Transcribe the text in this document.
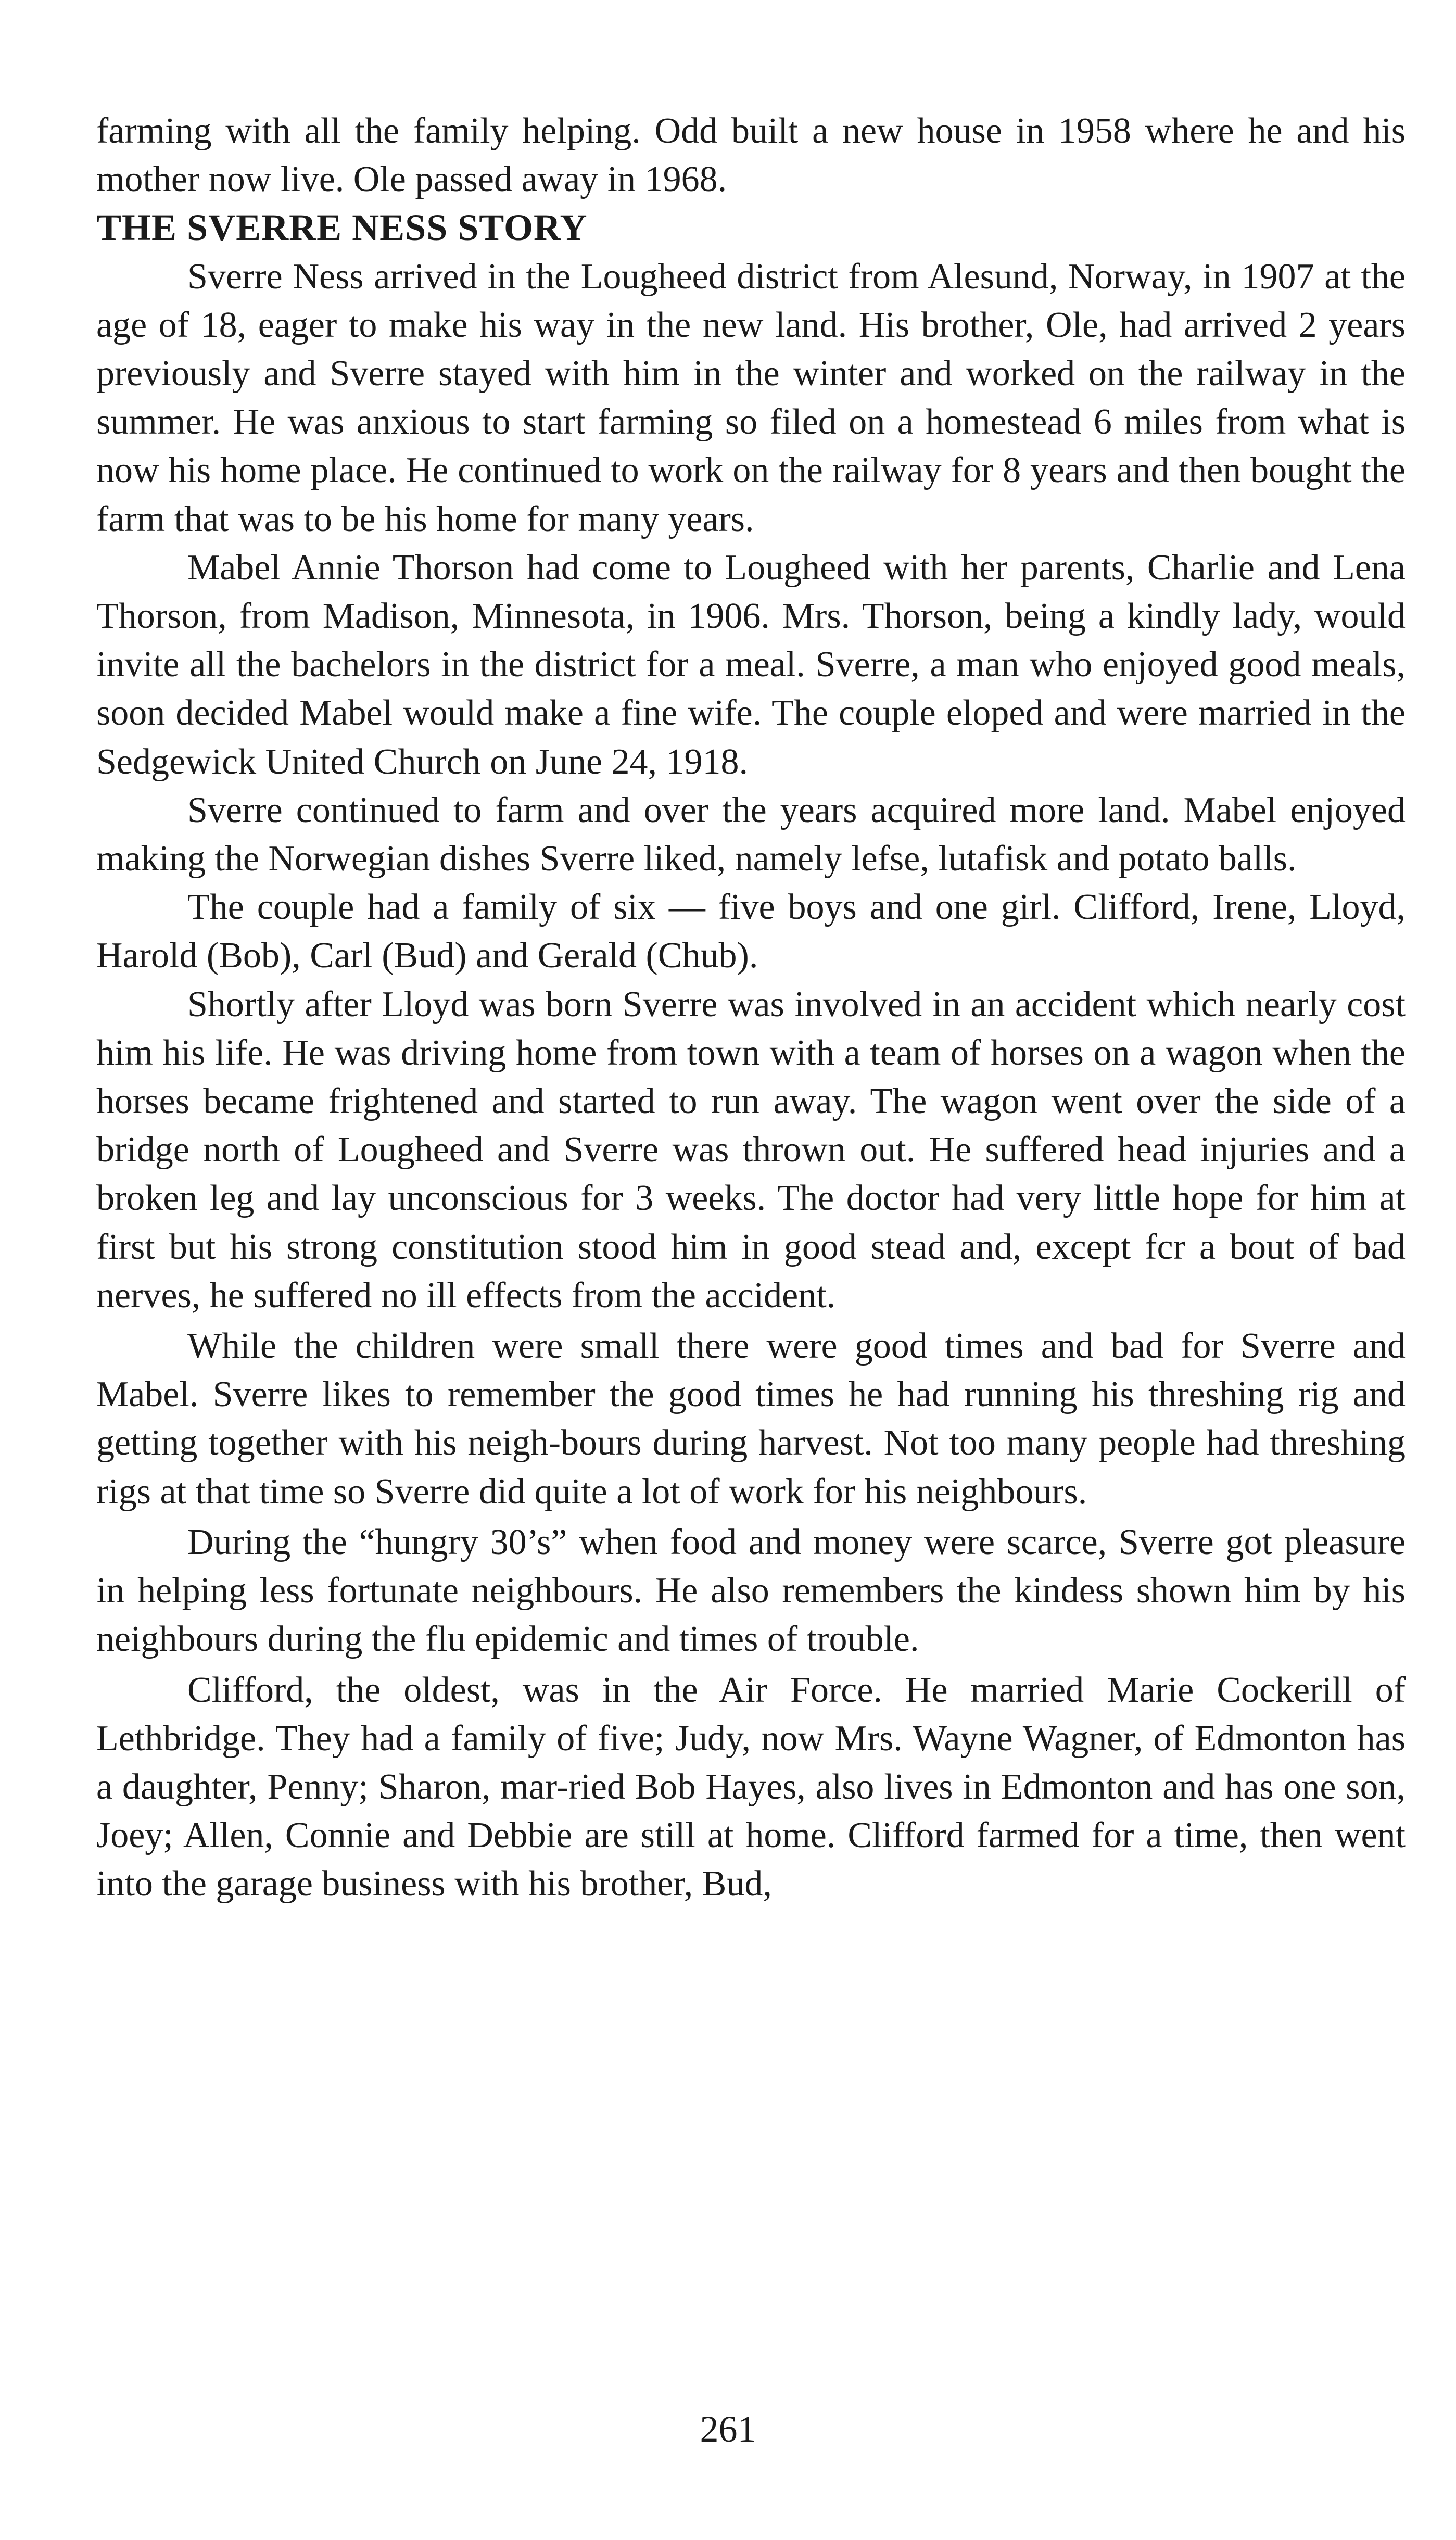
farming with all the family helping. Odd built a new house in 1958 where he and his mother now live. Ole passed away in 1968.

THE SVERRE NESS STORY

Sverre Ness arrived in the Lougheed district from Alesund, Norway, in 1907 at the age of 18, eager to make his way in the new land. His brother, Ole, had arrived 2 years previously and Sverre stayed with him in the winter and worked on the railway in the summer. He was anxious to start farming so filed on a homestead 6 miles from what is now his home place. He continued to work on the railway for 8 years and then bought the farm that was to be his home for many years.

Mabel Annie Thorson had come to Lougheed with her parents, Charlie and Lena Thorson, from Madison, Minnesota, in 1906. Mrs. Thorson, being a kindly lady, would invite all the bachelors in the district for a meal. Sverre, a man who enjoyed good meals, soon decided Mabel would make a fine wife. The couple eloped and were married in the Sedgewick United Church on June 24, 1918.

Sverre continued to farm and over the years acquired more land. Mabel enjoyed making the Norwegian dishes Sverre liked, namely lefse, lutafisk and potato balls.

The couple had a family of six — five boys and one girl. Clifford, Irene, Lloyd, Harold (Bob), Carl (Bud) and Gerald (Chub).

Shortly after Lloyd was born Sverre was involved in an accident which nearly cost him his life. He was driving home from town with a team of horses on a wagon when the horses became frightened and started to run away. The wagon went over the side of a bridge north of Lougheed and Sverre was thrown out. He suffered head injuries and a broken leg and lay unconscious for 3 weeks. The doctor had very little hope for him at first but his strong constitution stood him in good stead and, except fcr a bout of bad nerves, he suffered no ill effects from the accident.

While the children were small there were good times and bad for Sverre and Mabel. Sverre likes to remember the good times he had running his threshing rig and getting together with his neigh-bours during harvest. Not too many people had threshing rigs at that time so Sverre did quite a lot of work for his neighbours.

During the “hungry 30’s” when food and money were scarce, Sverre got pleasure in helping less fortunate neighbours. He also remembers the kindess shown him by his neighbours during the flu epidemic and times of trouble.

Clifford, the oldest, was in the Air Force. He married Marie Cockerill of Lethbridge. They had a family of five; Judy, now Mrs. Wayne Wagner, of Edmonton has a daughter, Penny; Sharon, mar-ried Bob Hayes, also lives in Edmonton and has one son, Joey; Allen, Connie and Debbie are still at home. Clifford farmed for a time, then went into the garage business with his brother, Bud,

261
